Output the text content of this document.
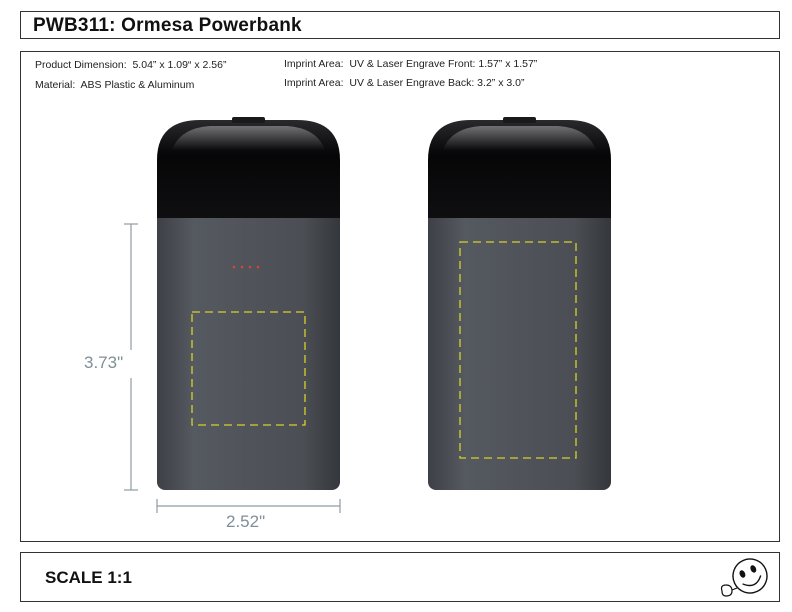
PWB311: Ormesa Powerbank
Product Dimension: 5.04” x 1.09“ x 2.56”
Material: ABS Plastic & Aluminum
Imprint Area: UV & Laser Engrave Front: 1.57” x 1.57”
Imprint Area: UV & Laser Engrave Back: 3.2” x 3.0”
3.73"
2.52"
SCALE 1:1
